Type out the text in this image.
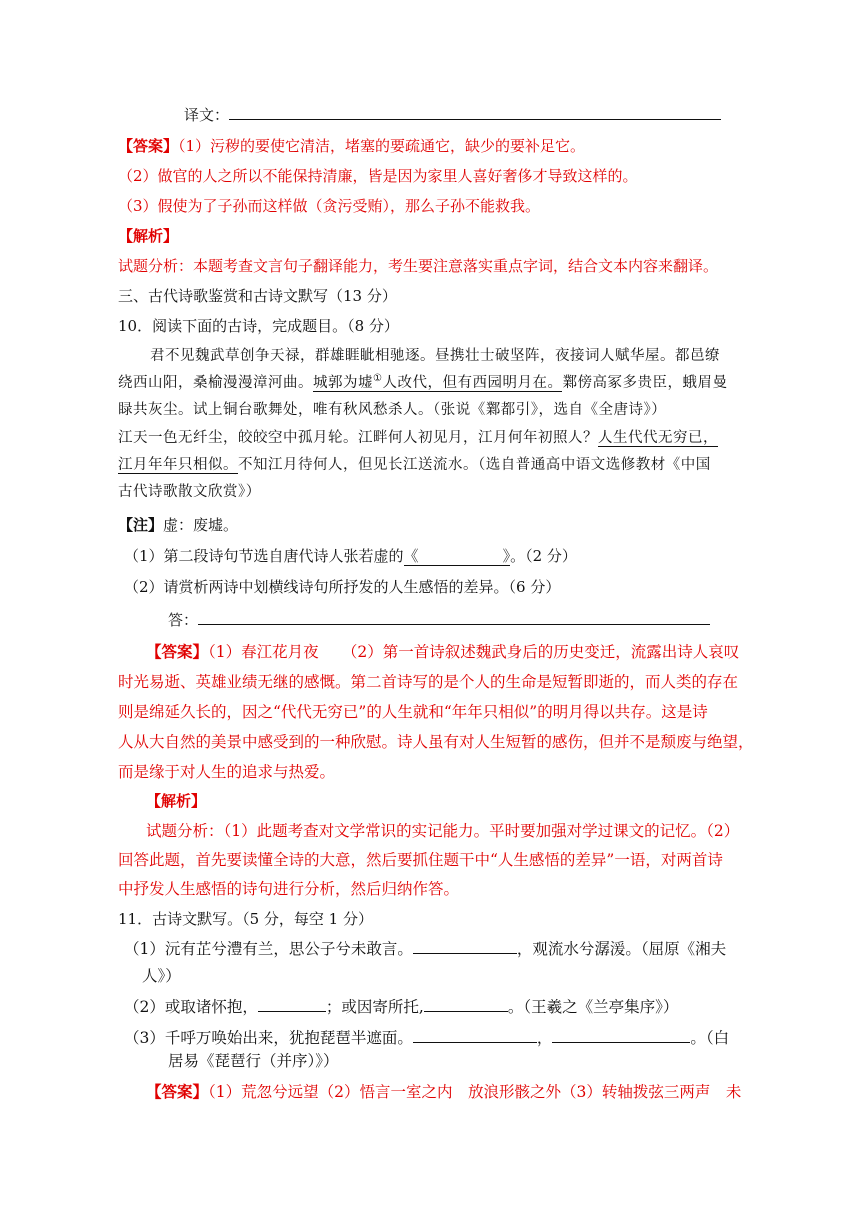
译文：
【答案】（1）污秽的要使它清洁，堵塞的要疏通它，缺少的要补足它。
（2）做官的人之所以不能保持清廉，皆是因为家里人喜好奢侈才导致这样的。
（3）假使为了子孙而这样做（贪污受贿），那么子孙不能救我。
【解析】
试题分析：本题考查文言句子翻译能力，考生要注意落实重点字词，结合文本内容来翻译。
三、古代诗歌鉴赏和古诗文默写（13 分）
10．阅读下面的古诗，完成题目。（8 分）
君不见魏武草创争天禄，群雄睚眦相驰逐。昼携壮士破坚阵，夜接词人赋华屋。都邑缭
绕西山阳，桑榆漫漫漳河曲。城郭为墟①人改代，但有西园明月在。鄴傍高冢多贵臣，蛾眉曼
睩共灰尘。试上铜台歌舞处，唯有秋风愁杀人。（张说《鄴都引》，选自《全唐诗》）
江天一色无纤尘，皎皎空中孤月轮。江畔何人初见月，江月何年初照人？人生代代无穷已，
江月年年只相似。不知江月待何人，但见长江送流水。（选自普通高中语文选修教材《中国
古代诗歌散文欣赏》）
【注】虚：废墟。
（1）第二段诗句节选自唐代诗人张若虚的《	》。（2 分）
（2）请赏析两诗中划横线诗句所抒发的人生感悟的差异。（6 分）
答：
【答案】（1）春江花月夜　　（2）第一首诗叙述魏武身后的历史变迁，流露出诗人哀叹
时光易逝、英雄业绩无继的感慨。第二首诗写的是个人的生命是短暂即逝的，而人类的存在
则是绵延久长的，因之“代代无穷已”的人生就和“年年只相似”的明月得以共存。这是诗
人从大自然的美景中感受到的一种欣慰。诗人虽有对人生短暂的感伤，但并不是颓废与绝望，
而是缘于对人生的追求与热爱。
【解析】
试题分析：（1）此题考查对文学常识的实记能力。平时要加强对学过课文的记忆。（2）
回答此题，首先要读懂全诗的大意，然后要抓住题干中“人生感悟的差异”一语，对两首诗
中抒发人生感悟的诗句进行分析，然后归纳作答。
11．古诗文默写。（5 分，每空 1 分）
（1）沅有芷兮澧有兰，思公子兮未敢言。	，观流水兮潺湲。（屈原《湘夫
人》）
（2）或取诸怀抱，	；或因寄所托,	。（王羲之《兰亭集序》）
（3）千呼万唤始出来，犹抱琵琶半遮面。	，	。（白
居易《琵琶行（并序）》）
【答案】（1）荒忽兮远望（2）悟言一室之内　放浪形骸之外（3）转轴拨弦三两声　未
